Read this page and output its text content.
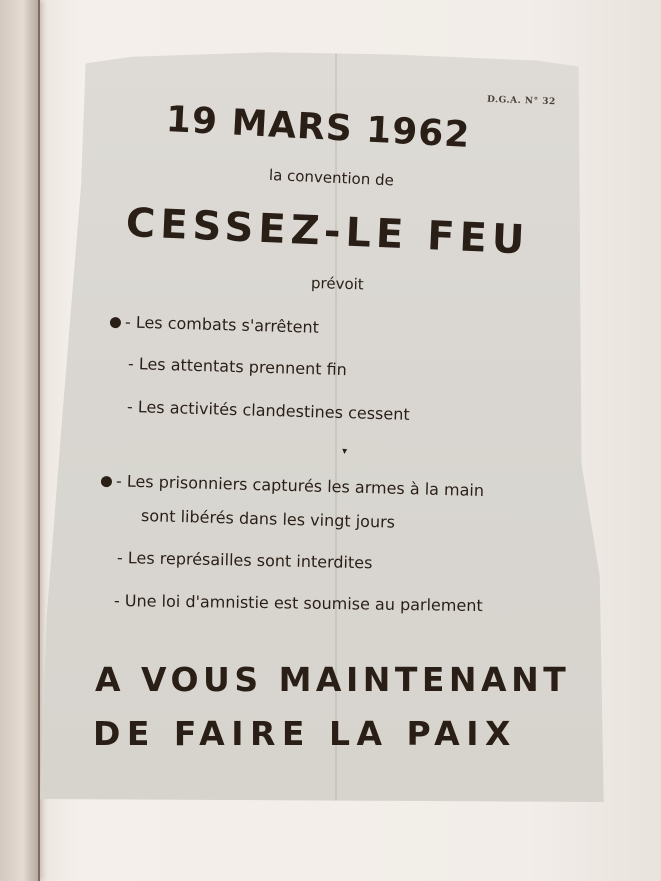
D.G.A. N° 32

19 MARS 1962

la convention de

CESSEZ-LE FEU

prévoit

- Les combats s'arrêtent

- Les attentats prennent fin

- Les activités clandestines cessent

▾

- Les prisonniers capturés les armes à la main

sont libérés dans les vingt jours

- Les représailles sont interdites

- Une loi d'amnistie est soumise au parlement

A VOUS MAINTENANT

DE FAIRE LA PAIX
